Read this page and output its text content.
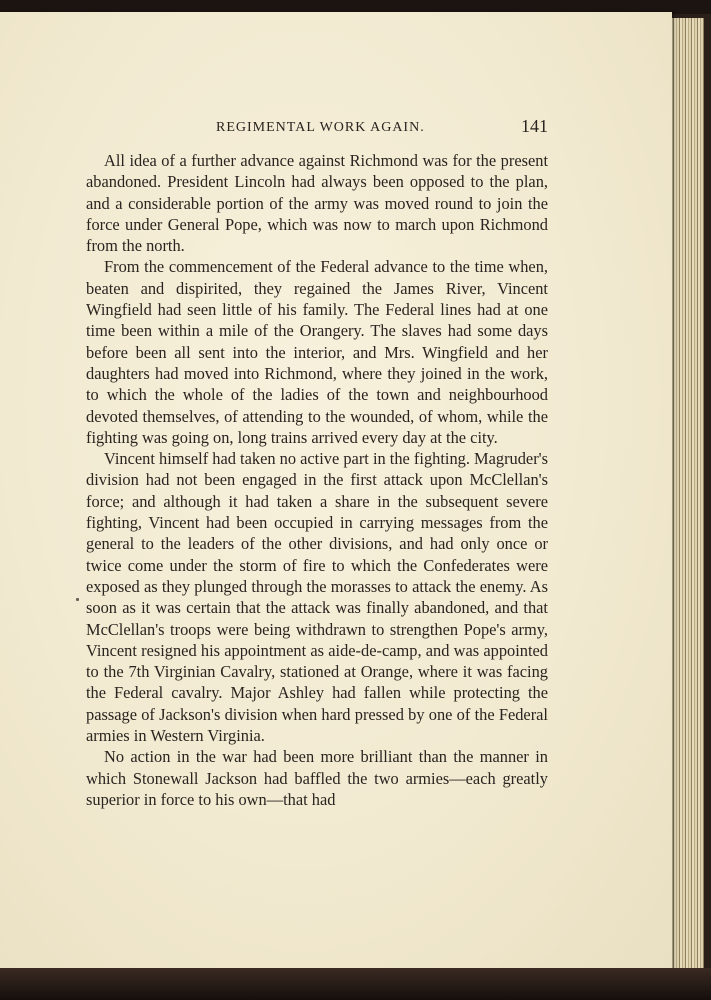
REGIMENTAL WORK AGAIN.	141

All idea of a further advance against Richmond was for the present abandoned. President Lincoln had always been opposed to the plan, and a considerable portion of the army was moved round to join the force under General Pope, which was now to march upon Richmond from the north.

From the commencement of the Federal advance to the time when, beaten and dispirited, they regained the James River, Vincent Wingfield had seen little of his family. The Federal lines had at one time been within a mile of the Orangery. The slaves had some days before been all sent into the interior, and Mrs. Wingfield and her daughters had moved into Richmond, where they joined in the work, to which the whole of the ladies of the town and neighbourhood devoted themselves, of attending to the wounded, of whom, while the fighting was going on, long trains arrived every day at the city.

Vincent himself had taken no active part in the fighting. Magruder's division had not been engaged in the first attack upon McClellan's force; and although it had taken a share in the subsequent severe fighting, Vincent had been occupied in carrying messages from the general to the leaders of the other divisions, and had only once or twice come under the storm of fire to which the Confederates were exposed as they plunged through the morasses to attack the enemy. As soon as it was certain that the attack was finally abandoned, and that McClellan's troops were being withdrawn to strengthen Pope's army, Vincent resigned his appointment as aide-de-camp, and was appointed to the 7th Virginian Cavalry, stationed at Orange, where it was facing the Federal cavalry. Major Ashley had fallen while protecting the passage of Jackson's division when hard pressed by one of the Federal armies in Western Virginia.

No action in the war had been more brilliant than the manner in which Stonewall Jackson had baffled the two armies—each greatly superior in force to his own—that had
